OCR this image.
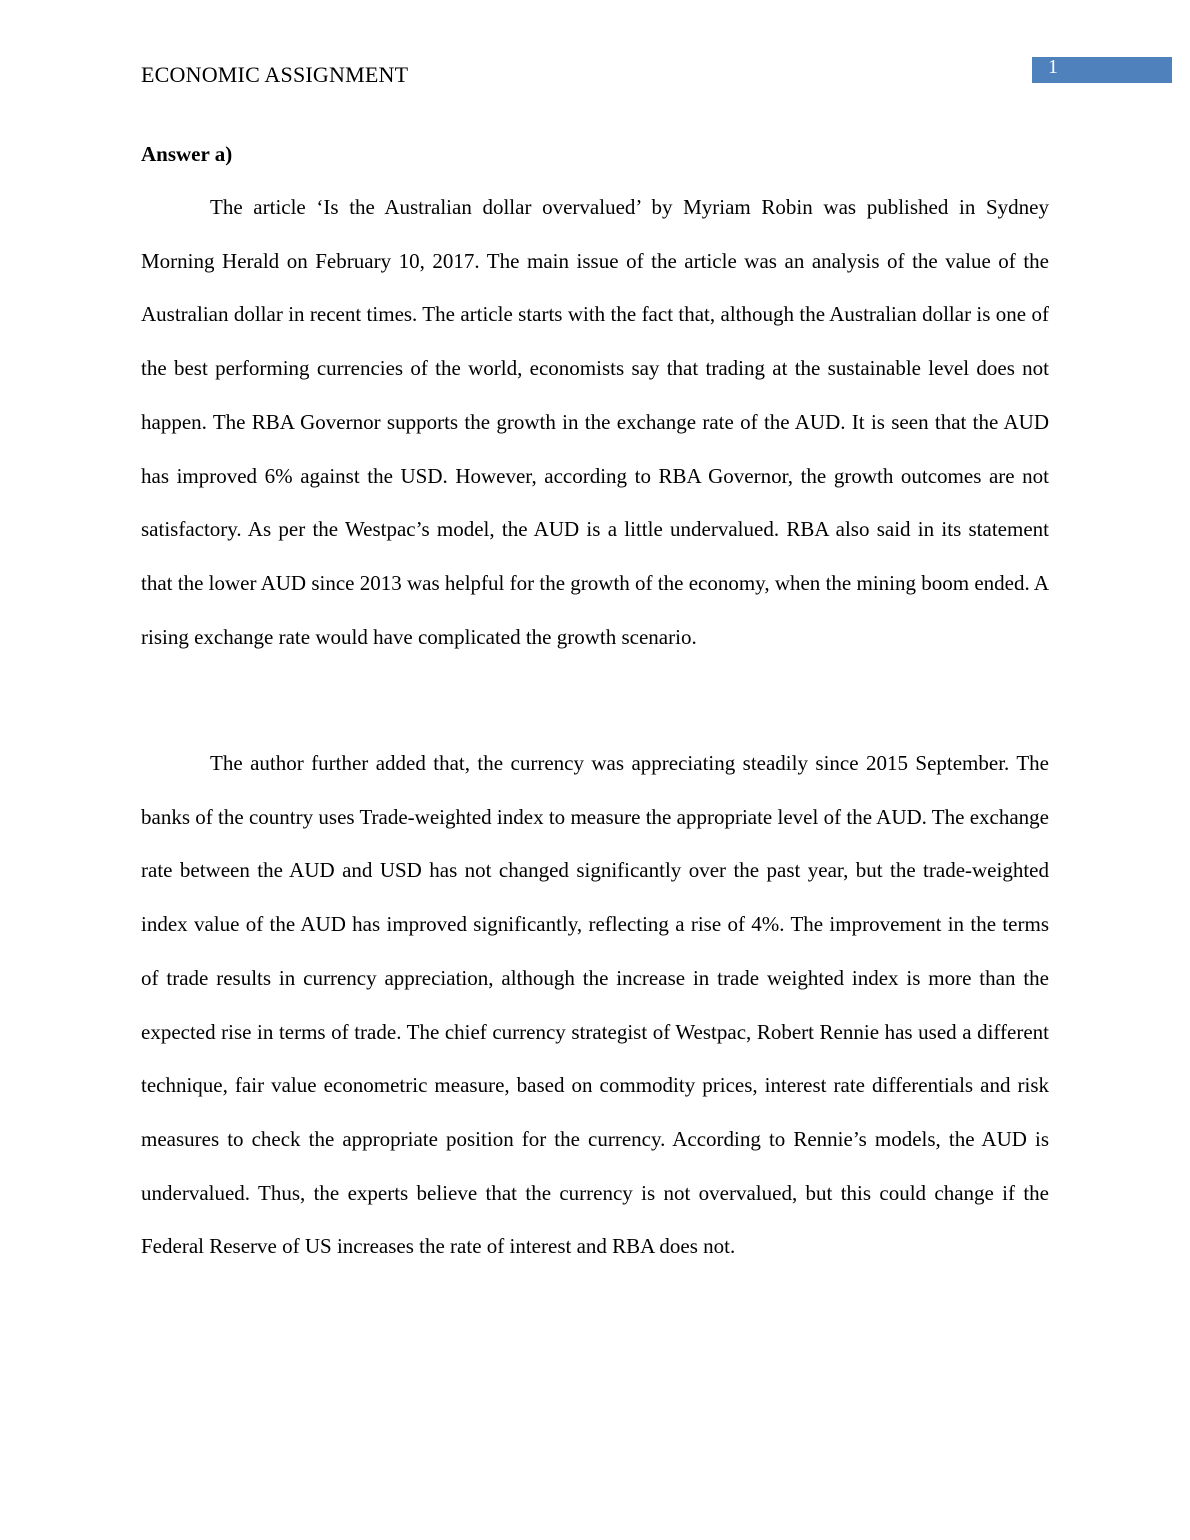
ECONOMIC ASSIGNMENT	1
Answer a)

The article ‘Is the Australian dollar overvalued’ by Myriam Robin was published in Sydney Morning Herald on February 10, 2017. The main issue of the article was an analysis of the value of the Australian dollar in recent times. The article starts with the fact that, although the Australian dollar is one of the best performing currencies of the world, economists say that trading at the sustainable level does not happen. The RBA Governor supports the growth in the exchange rate of the AUD. It is seen that the AUD has improved 6% against the USD. However, according to RBA Governor, the growth outcomes are not satisfactory. As per the Westpac’s model, the AUD is a little undervalued. RBA also said in its statement that the lower AUD since 2013 was helpful for the growth of the economy, when the mining boom ended. A rising exchange rate would have complicated the growth scenario.

The author further added that, the currency was appreciating steadily since 2015 September. The banks of the country uses Trade-weighted index to measure the appropriate level of the AUD. The exchange rate between the AUD and USD has not changed significantly over the past year, but the trade-weighted index value of the AUD has improved significantly, reflecting a rise of 4%. The improvement in the terms of trade results in currency appreciation, although the increase in trade weighted index is more than the expected rise in terms of trade. The chief currency strategist of Westpac, Robert Rennie has used a different technique, fair value econometric measure, based on commodity prices, interest rate differentials and risk measures to check the appropriate position for the currency. According to Rennie’s models, the AUD is undervalued. Thus, the experts believe that the currency is not overvalued, but this could change if the Federal Reserve of US increases the rate of interest and RBA does not.
